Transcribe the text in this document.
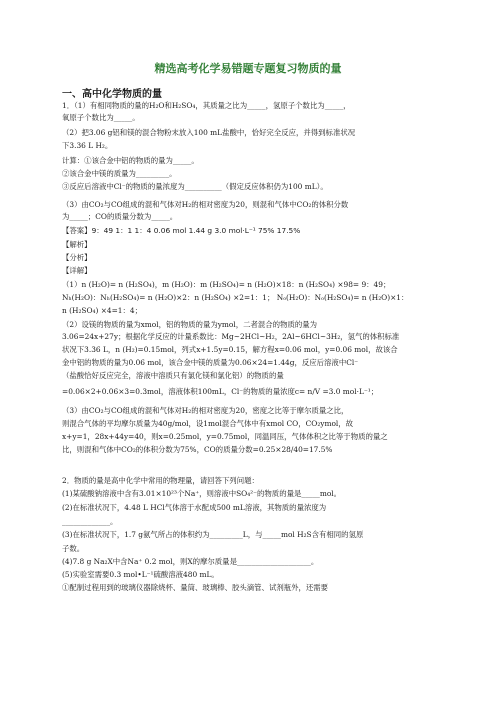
精选高考化学易错题专题复习物质的量
一、高中化学物质的量
1．（1）有相同物质的量的H₂O和H₂SO₄，其质量之比为_____，氢原子个数比为_____，
氧原子个数比为_____。
（2）把3.06 g铝和镁的混合物粉末放入100 mL盐酸中，恰好完全反应，并得到标准状况
下3.36 L H₂。
计算：①该合金中铝的物质的量为_____。
②该合金中镁的质量为_________。
③反应后溶液中Cl⁻的物质的量浓度为__________（假定反应体积仍为100 mL）。
（3）由CO₂与CO组成的混和气体对H₂的相对密度为20，则混和气体中CO₂的体积分数
为_____；CO的质量分数为_____。
【答案】9：49 1：1 1：4 0.06 mol 1.44 g 3.0 mol·L⁻¹ 75% 17.5%
【解析】
【分析】
【详解】
（1）n (H₂O)= n (H₂SO₄)，m (H₂O)：m (H₂SO₄)= n (H₂O)×18：n (H₂SO₄) ×98= 9：49；
Nₕ(H₂O)：Nₕ(H₂SO₄)= n (H₂O)×2：n (H₂SO₄) ×2=1：1； Nₒ(H₂O)：Nₒ(H₂SO₄)= n (H₂O)×1：
n (H₂SO₄) ×4=1：4；
（2）设镁的物质的量为xmol，铝的物质的量为ymol，二者混合的物质的量为
3.06=24x+27y；根据化学反应的计量系数比：Mg~2HCl~H₂，2Al~6HCl~3H₂，氢气的体积标准
状况下3.36 L，n (H₂)=0.15mol，列式x+1.5y=0.15，解方程x=0.06 mol，y=0.06 mol，故该合
金中铝的物质的量为0.06 mol，该合金中镁的质量为0.06×24=1.44g，反应后溶液中Cl⁻
（盐酸恰好反应完全，溶液中溶质只有氯化镁和氯化铝）的物质的量
=0.06×2+0.06×3=0.3mol，溶液体积100mL，Cl⁻的物质的量浓度c= n/V =3.0 mol·L⁻¹；
（3）由CO₂与CO组成的混和气体对H₂的相对密度为20，密度之比等于摩尔质量之比，
则混合气体的平均摩尔质量为40g/mol，设1mol混合气体中有xmol CO，CO₂ymol，故
x+y=1，28x+44y=40，则x=0.25mol，y=0.75mol，同温同压，气体体积之比等于物质的量之
比，则混和气体中CO₂的体积分数为75%，CO的质量分数=0.25×28/40=17.5%
2．物质的量是高中化学中常用的物理量，请回答下列问题：
(1)某硫酸钠溶液中含有3.01×10²³个Na⁺，则溶液中SO₄²⁻的物质的量是_____mol。
(2)在标准状况下，4.48 L HCl气体溶于水配成500 mL溶液，其物质的量浓度为
_____________。
(3)在标准状况下，1.7 g氨气所占的体积约为_________L，与_____mol H₂S含有相同的氢原
子数。
(4)7.8 g Na₂X中含Na⁺ 0.2 mol，则X的摩尔质量是____________________。
(5)实验室需要0.3 mol•L⁻¹硫酸溶液480 mL。
①配制过程用到的玻璃仪器除烧杯、量筒、玻璃棒、胶头滴管、试剂瓶外，还需要
